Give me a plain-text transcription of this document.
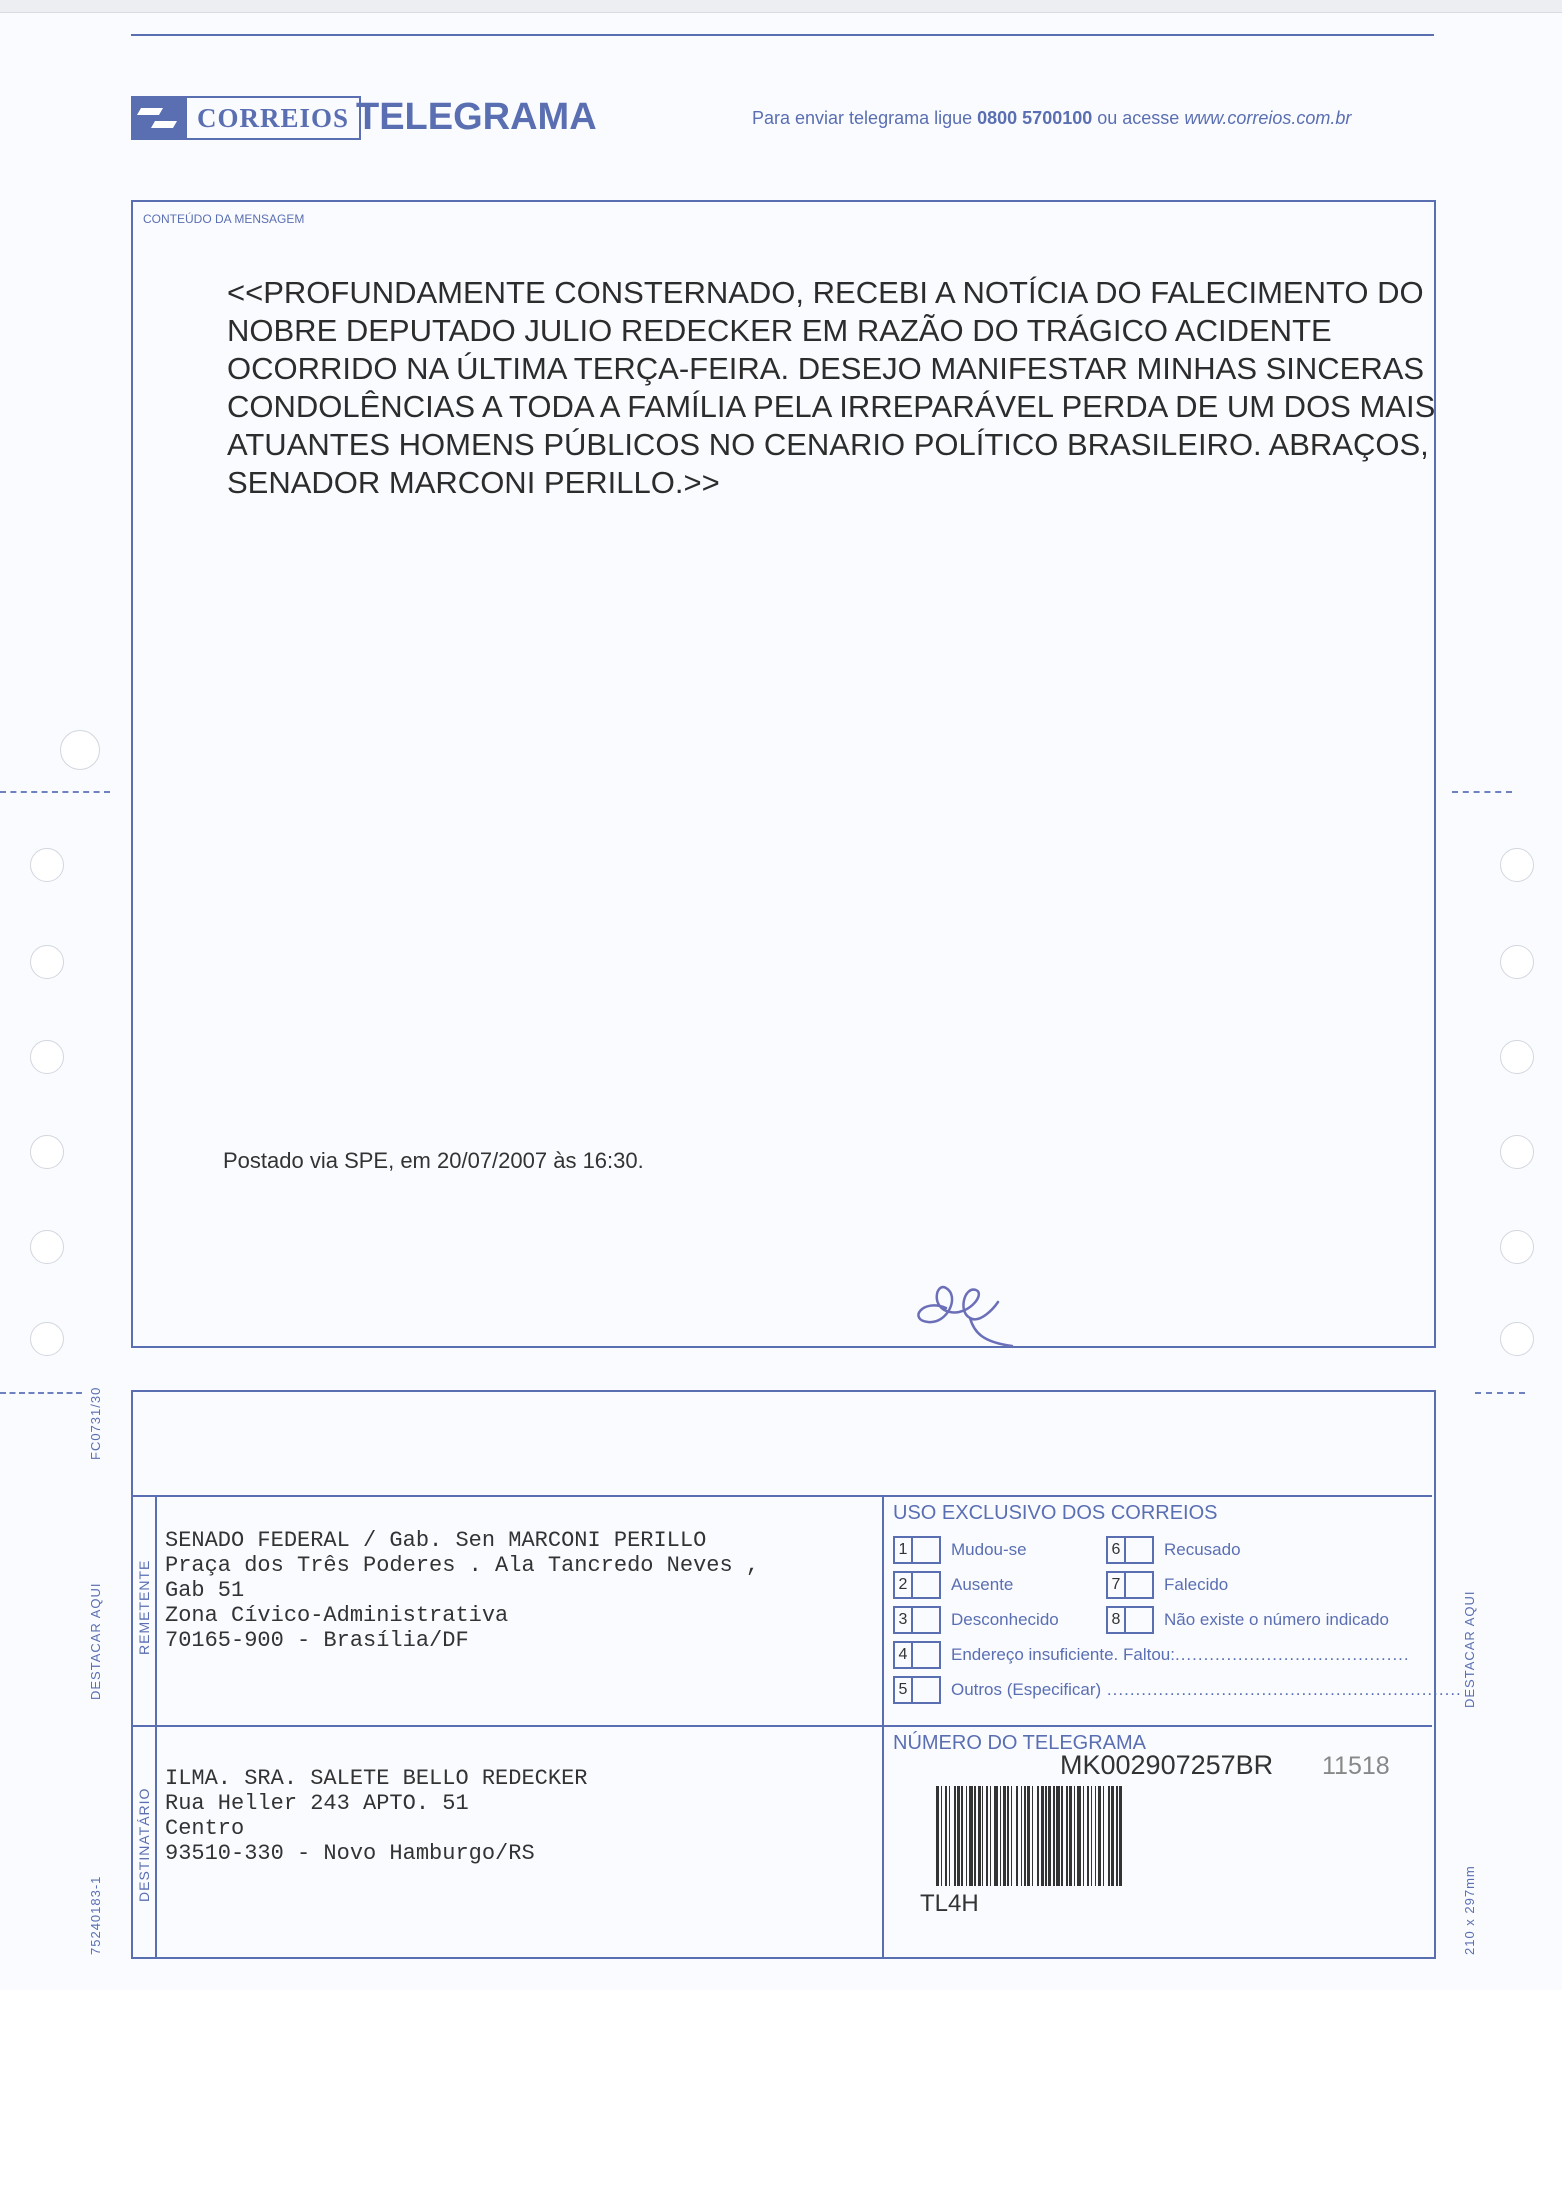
CORREIOS TELEGRAMA	Para enviar telegrama ligue 0800 5700100 ou acesse www.correios.com.br
CONTEÚDO DA MENSAGEM
<<PROFUNDAMENTE CONSTERNADO, RECEBI A NOTÍCIA DO FALECIMENTO DO NOBRE DEPUTADO JULIO REDECKER EM RAZÃO DO TRÁGICO ACIDENTE OCORRIDO NA ÚLTIMA TERÇA-FEIRA. DESEJO MANIFESTAR MINHAS SINCERAS CONDOLÊNCIAS A TODA A FAMÍLIA PELA IRREPARÁVEL PERDA DE UM DOS MAIS ATUANTES HOMENS PÚBLICOS NO CENARIO POLÍTICO BRASILEIRO. ABRAÇOS, SENADOR MARCONI PERILLO.>>
Postado via SPE, em 20/07/2007 às 16:30.
REMETENTE
SENADO FEDERAL / Gab. Sen MARCONI PERILLO
Praça dos Três Poderes . Ala Tancredo Neves ,
Gab 51
Zona Cívico-Administrativa
70165-900 - Brasília/DF
DESTINATÁRIO
ILMA. SRA. SALETE BELLO REDECKER
Rua Heller 243 APTO. 51
Centro
93510-330 - Novo Hamburgo/RS
USO EXCLUSIVO DOS CORREIOS
1	Mudou-se
2	Ausente
3	Desconhecido
4	Endereço insuficiente. Faltou: .........................................
5	Outros (Especificar) ..............................................................
6	Recusado
7	Falecido
8	Não existe o número indicado
NÚMERO DO TELEGRAMA
MK002907257BR 11518
TL4H
FC0731/30
DESTACAR AQUI
75240183-1
DESTACAR AQUI
210 x 297mm
